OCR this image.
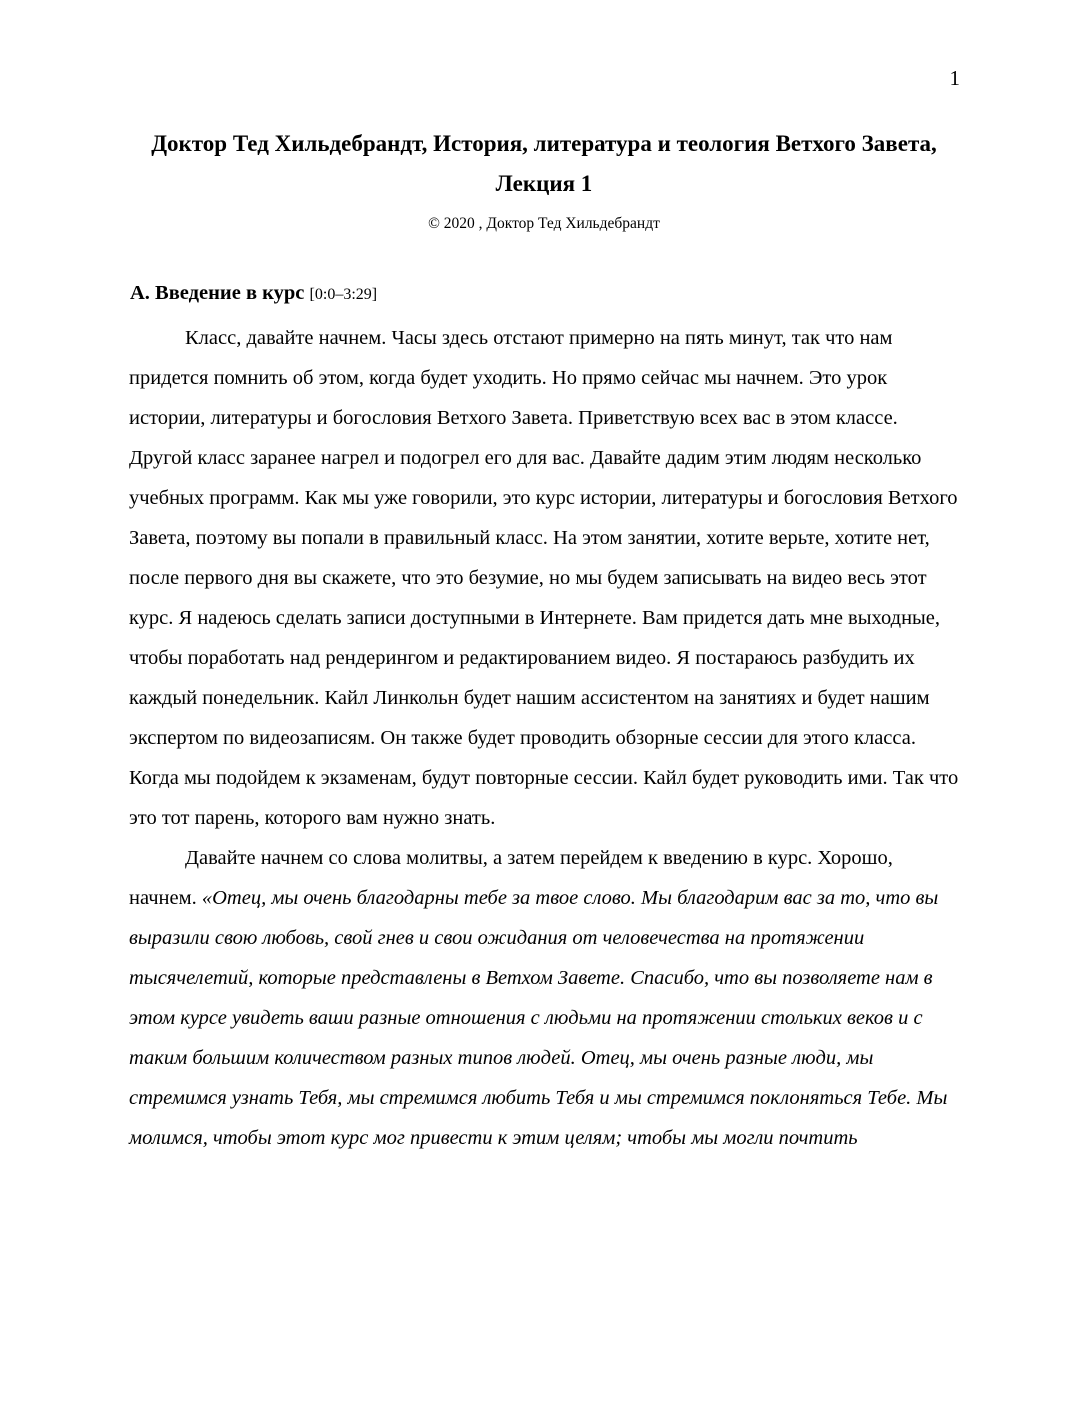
1
Доктор Тед Хильдебрандт, История, литература и теология Ветхого Завета, Лекция 1
© 2020 , Доктор Тед Хильдебрандт
A. Введение в курс [0:0–3:29]

Класс, давайте начнем. Часы здесь отстают примерно на пять минут, так что нам придется помнить об этом, когда будет уходить. Но прямо сейчас мы начнем. Это урок истории, литературы и богословия Ветхого Завета. Приветствую всех вас в этом классе. Другой класс заранее нагрел и подогрел его для вас. Давайте дадим этим людям несколько учебных программ. Как мы уже говорили, это курс истории, литературы и богословия Ветхого Завета, поэтому вы попали в правильный класс. На этом занятии, хотите верьте, хотите нет, после первого дня вы скажете, что это безумие, но мы будем записывать на видео весь этот курс. Я надеюсь сделать записи доступными в Интернете. Вам придется дать мне выходные, чтобы поработать над рендерингом и редактированием видео. Я постараюсь разбудить их каждый понедельник. Кайл Линкольн будет нашим ассистентом на занятиях и будет нашим экспертом по видеозаписям. Он также будет проводить обзорные сессии для этого класса. Когда мы подойдем к экзаменам, будут повторные сессии. Кайл будет руководить ими. Так что это тот парень, которого вам нужно знать.

Давайте начнем со слова молитвы, а затем перейдем к введению в курс. Хорошо, начнем. «Отец, мы очень благодарны тебе за твое слово. Мы благодарим вас за то, что вы выразили свою любовь, свой гнев и свои ожидания от человечества на протяжении тысячелетий, которые представлены в Ветхом Завете. Спасибо, что вы позволяете нам в этом курсе увидеть ваши разные отношения с людьми на протяжении стольких веков и с таким большим количеством разных типов людей. Отец, мы очень разные люди, мы стремимся узнать Тебя, мы стремимся любить Тебя и мы стремимся поклоняться Тебе. Мы молимся, чтобы этот курс мог привести к этим целям; чтобы мы могли почтить
